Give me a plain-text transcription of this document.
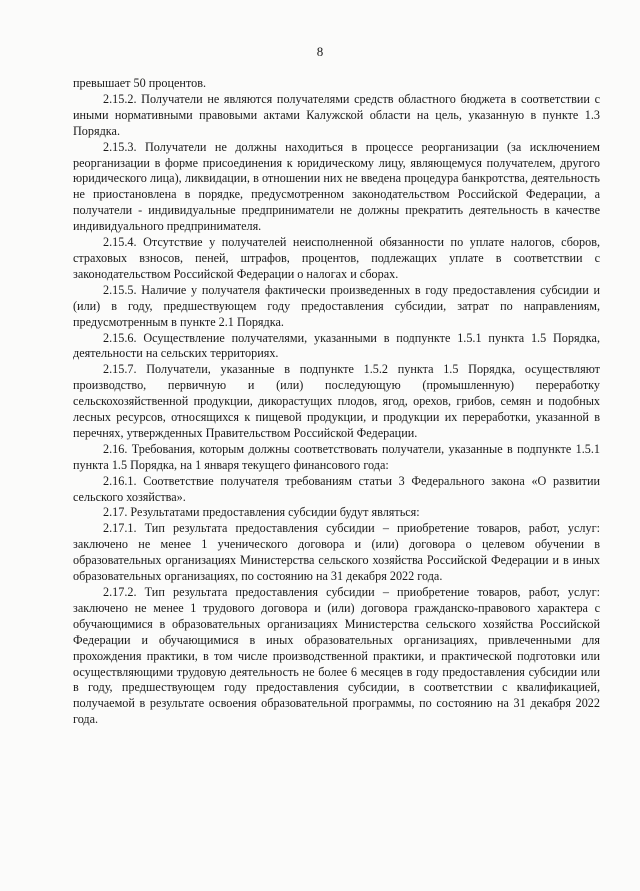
8

превышает 50 процентов.

2.15.2. Получатели не являются получателями средств областного бюджета в соответствии с иными нормативными правовыми актами Калужской области на цель, указанную в пункте 1.3 Порядка.

2.15.3. Получатели не должны находиться в процессе реорганизации (за исключением реорганизации в форме присоединения к юридическому лицу, являющемуся получателем, другого юридического лица), ликвидации, в отношении них не введена процедура банкротства, деятельность не приостановлена в порядке, предусмотренном законодательством Российской Федерации, а получатели - индивидуальные предприниматели не должны прекратить деятельность в качестве индивидуального предпринимателя.

2.15.4. Отсутствие у получателей неисполненной обязанности по уплате налогов, сборов, страховых взносов, пеней, штрафов, процентов, подлежащих уплате в соответствии с законодательством Российской Федерации о налогах и сборах.

2.15.5. Наличие у получателя фактически произведенных в году предоставления субсидии и (или) в году, предшествующем году предоставления субсидии, затрат по направлениям, предусмотренным в пункте 2.1 Порядка.

2.15.6. Осуществление получателями, указанными в подпункте 1.5.1 пункта 1.5 Порядка, деятельности на сельских территориях.

2.15.7. Получатели, указанные в подпункте 1.5.2 пункта 1.5 Порядка, осуществляют производство, первичную и (или) последующую (промышленную) переработку сельскохозяйственной продукции, дикорастущих плодов, ягод, орехов, грибов, семян и подобных лесных ресурсов, относящихся к пищевой продукции, и продукции их переработки, указанной в перечнях, утвержденных Правительством Российской Федерации.

2.16. Требования, которым должны соответствовать получатели, указанные в подпункте 1.5.1 пункта 1.5 Порядка, на 1 января текущего финансового года:

2.16.1. Соответствие получателя требованиям статьи 3 Федерального закона «О развитии сельского хозяйства».

2.17. Результатами предоставления субсидии будут являться:

2.17.1. Тип результата предоставления субсидии – приобретение товаров, работ, услуг: заключено не менее 1 ученического договора и (или) договора о целевом обучении в образовательных организациях Министерства сельского хозяйства Российской Федерации и в иных образовательных организациях, по состоянию на 31 декабря 2022 года.

2.17.2. Тип результата предоставления субсидии – приобретение товаров, работ, услуг: заключено не менее 1 трудового договора и (или) договора гражданско-правового характера с обучающимися в образовательных организациях Министерства сельского хозяйства Российской Федерации и обучающимися в иных образовательных организациях, привлеченными для прохождения практики, в том числе производственной практики, и практической подготовки или осуществляющими трудовую деятельность не более 6 месяцев в году предоставления субсидии или в году, предшествующем году предоставления субсидии, в соответствии с квалификацией, получаемой в результате освоения образовательной программы, по состоянию на 31 декабря 2022 года.
